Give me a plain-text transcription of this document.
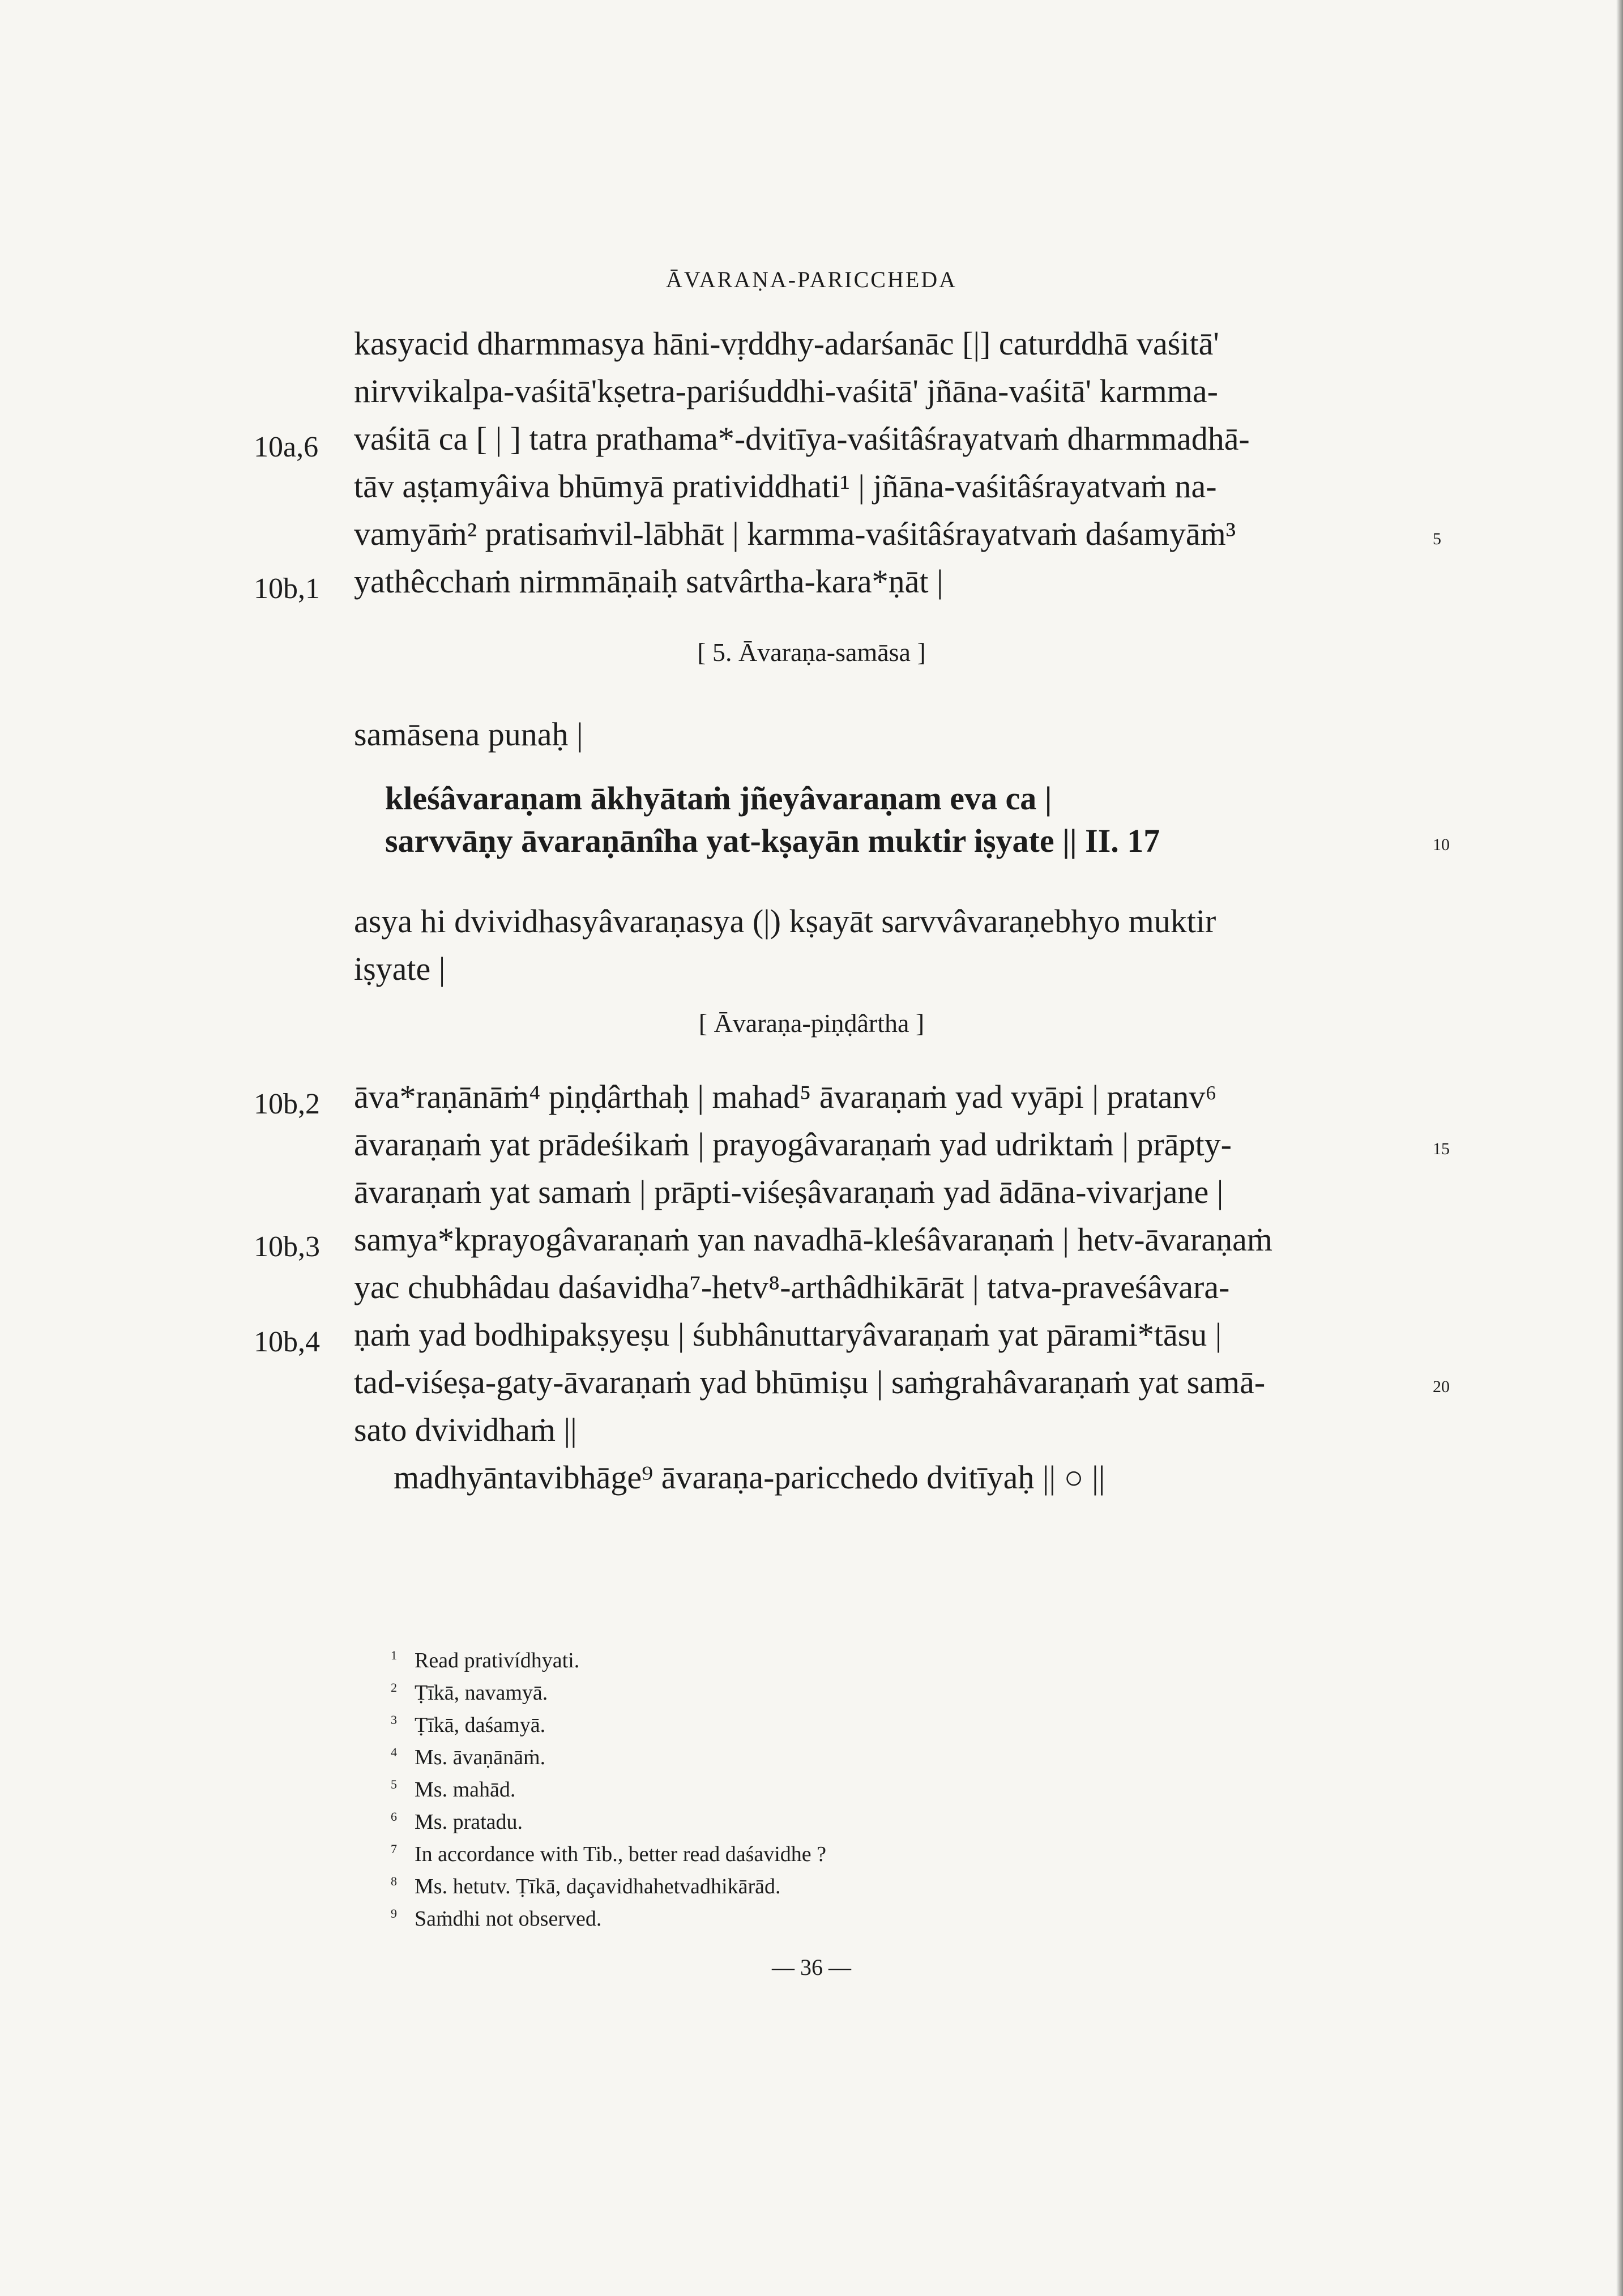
ĀVARAṆA-PARICCHEDA
kasyacid dharmmasya hāni-vṛddhy-adarśanāc [|] caturddhā vaśitā'
nirvvikalpa-vaśitā'kṣetra-pariśuddhi-vaśitā' jñāna-vaśitā' karmma-
10a,6 vaśitā ca [ | ] tatra prathama*-dvitīya-vaśitâśrayatvaṁ dharmmadhā-
tāv aṣṭamyâiva bhūmyā pratividdhati¹ | jñāna-vaśitâśrayatvaṁ na-
vamyāṁ² pratisaṁvil-lābhāt | karmma-vaśitâśrayatvaṁ daśamyāṁ³	5
10b,1 yathêcchaṁ nirmmāṇaiḥ satvârtha-kara*ṇāt |
[ 5. Āvaraṇa-samāsa ]
samāsena punaḥ |
kleśâvaraṇam ākhyātaṁ jñeyâvaraṇam eva ca |
sarvvāṇy āvaraṇānîha yat-kṣayān muktir iṣyate || II. 17	10
asya hi dvividhasyâvaraṇasya (|) kṣayāt sarvvâvaraṇebhyo muktir
iṣyate |
[ Āvaraṇa-piṇḍârtha ]
10b,2 āva*raṇānāṁ⁴ piṇḍârthaḥ | mahad⁵ āvaraṇaṁ yad vyāpi | pratanv⁶
āvaraṇaṁ yat prādeśikaṁ | prayogâvaraṇaṁ yad udriktaṁ | prāpty-	15
āvaraṇaṁ yat samaṁ | prāpti-viśeṣâvaraṇaṁ yad ādāna-vivarjane |
10b,3 samya*kprayogâvaraṇaṁ yan navadhā-kleśâvaraṇaṁ | hetv-āvaraṇaṁ
yac chubhâdau daśavidha⁷-hetv⁸-arthâdhikārāt | tatva-praveśâvara-
10b,4 ṇaṁ yad bodhipakṣyeṣu | śubhânuttaryâvaraṇaṁ yat pārami*tāsu |
tad-viśeṣa-gaty-āvaraṇaṁ yad bhūmiṣu | saṁgrahâvaraṇaṁ yat samā-	20
sato dvividhaṁ ||
madhyāntavibhāge⁹ āvaraṇa-paricchedo dvitīyaḥ || ○ ||
$^1$ Read prativídhyati.
$^2$ Ṭīkā, navamyā.
$^3$ Ṭīkā, daśamyā.
$^4$ Ms. āvaṇānāṁ.
$^5$ Ms. mahād.
$^6$ Ms. pratadu.
$^7$ In accordance with Tib., better read daśavidhe ?
$^8$ Ms. hetutv. Ṭīkā, daçavidhahetvadhikārād.
$^9$ Saṁdhi not observed.
— 36 —
